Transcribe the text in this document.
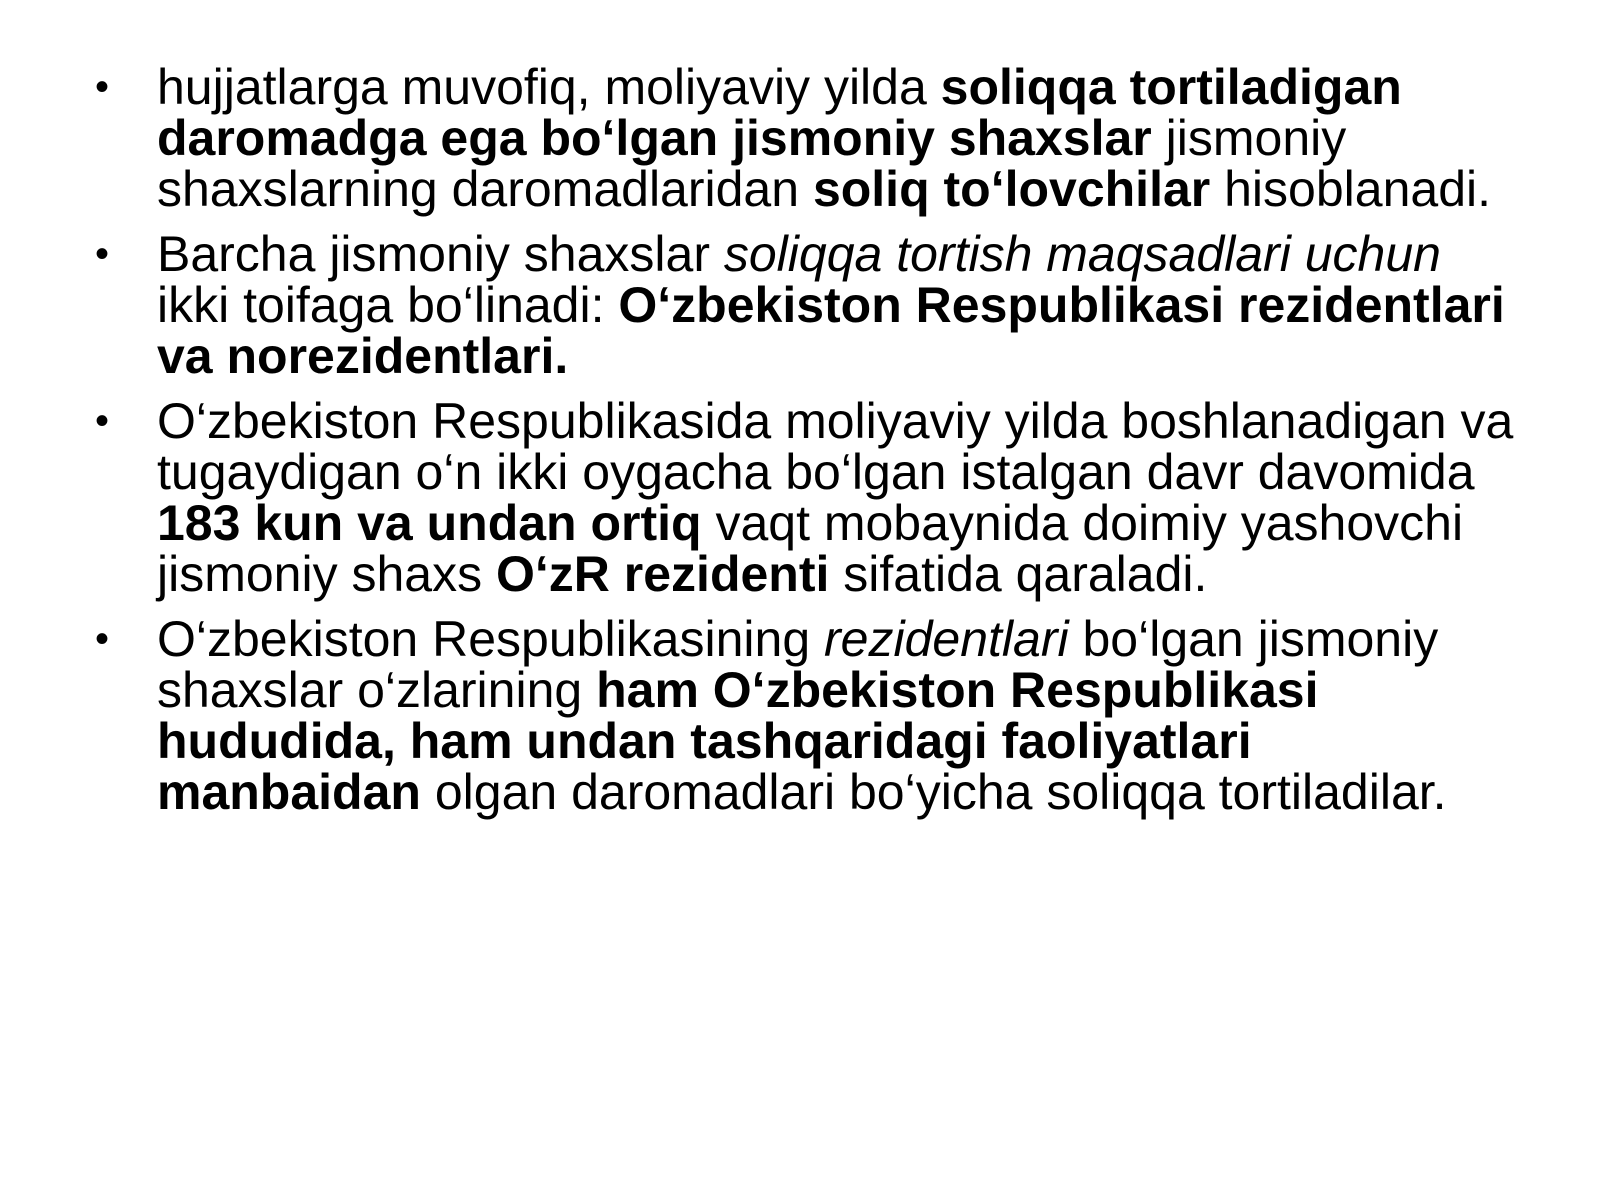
• hujjatlarga muvofiq, moliyaviy yilda soliqqa tortiladigan daromadga ega bo‘lgan jismoniy shaxslar jismoniy shaxslarning daromadlaridan soliq to‘lovchilar hisoblanadi.
• Barcha jismoniy shaxslar soliqqa tortish maqsadlari uchun ikki toifaga bo‘linadi: O‘zbekiston Respublikasi rezidentlari va norezidentlari.
• O‘zbekiston Respublikasida moliyaviy yilda boshlanadigan va tugaydigan o‘n ikki oygacha bo‘lgan istalgan davr davomida 183 kun va undan ortiq vaqt mobaynida doimiy yashovchi jismoniy shaxs O‘zR rezidenti sifatida qaraladi.
• O‘zbekiston Respublikasining rezidentlari bo‘lgan jismoniy shaxslar o‘zlarining ham O‘zbekiston Respublikasi hududida, ham undan tashqaridagi faoliyatlari manbaidan olgan daromadlari bo‘yicha soliqqa tortiladilar.
